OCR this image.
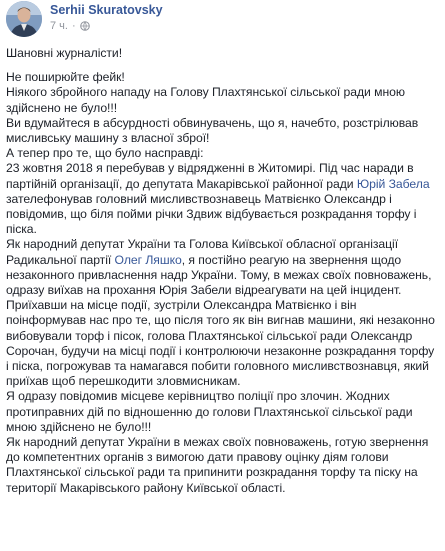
Serhii Skuratovsky
7 ч. ·

Шановні журналісти!

Не поширюйте фейк!

Ніякого збройного нападу на Голову Плахтянської сільської ради мною здійснено не було!!!

Ви вдумайтеся в абсурдності обвинувачень, що я, начебто, розстрілював мисливську машину з власної зброї!

А тепер про те, що було насправді:

23 жовтня 2018 я перебував у відрядженні в Житомирі. Під час наради в партійній організації, до депутата Макарівської районної ради Юрій Забела зателефонував головний мисливствознавець Матвієнко Олександр і повідомив, що біля пойми річки Здвиж відбувається розкрадання торфу і піска.

Як народний депутат України та Голова Київської обласної організації Радикальної партії Олег Ляшко, я постійно реагую на звернення щодо незаконного привласнення надр України. Тому, в межах своїх повноважень, одразу виїхав на прохання Юрія Забели відреагувати на цей інцидент. Приїхавши на місце події, зустріли Олександра Матвієнко і він поінформував нас про те, що після того як він вигнав машини, які незаконно вибовували торф і пісок, голова Плахтянської сільської ради Олександр Сорочан, будучи на місці події і контролюючи незаконне розкрадання торфу і піска, погрожував та намагався побити головного мисливствознавця, який приїхав щоб перешкодити зловмисникам.

Я одразу повідомив місцеве керівництво поліції про злочин. Жодних протиправних дій по відношенню до голови Плахтянської сільської ради мною здійснено не було!!!

Як народний депутат України в межах своїх повноважень, готую звернення до компетентних органів з вимогою дати правову оцінку діям голови Плахтянської сільської ради та припинити розкрадання торфу та піску на території Макарівського району Київської області.
